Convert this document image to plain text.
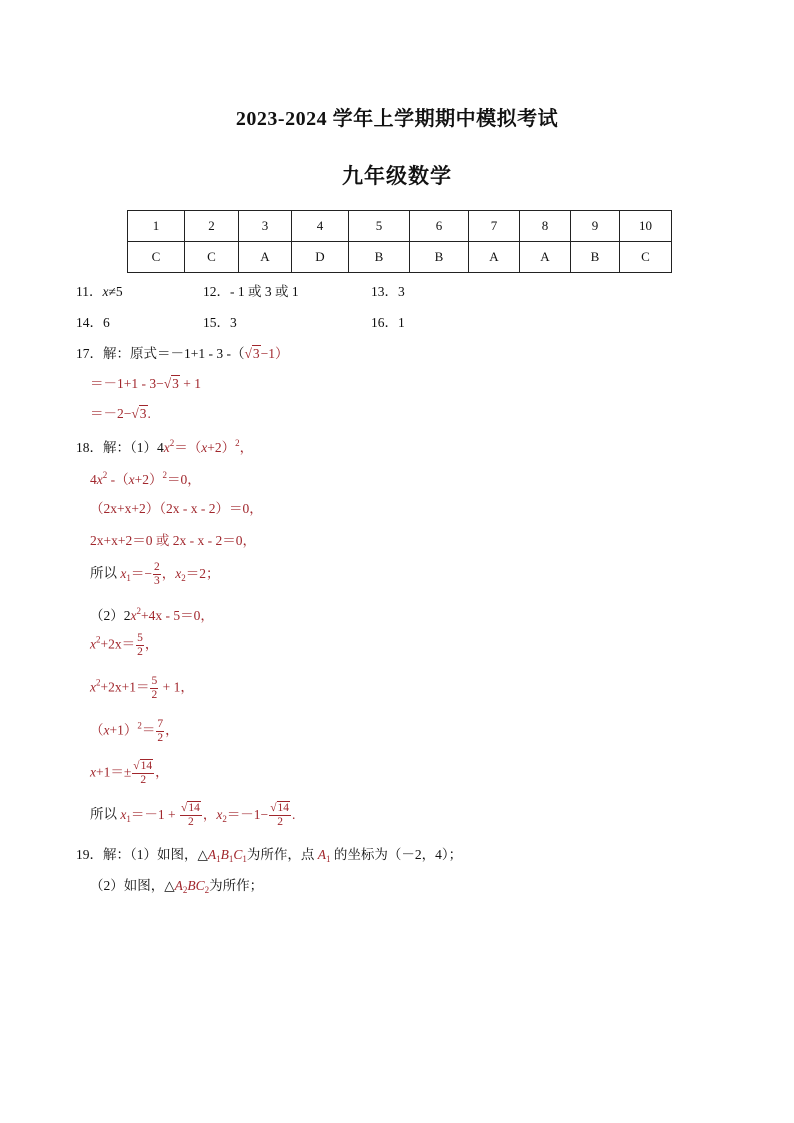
2023-2024 学年上学期期中模拟考试
九年级数学
1	2	3	4	5	6	7	8	9	10
C	C	A	D	B	B	A	A	B	C
11．x≠5	12．- 1 或 3 或 1	13．3
14．6	15．3	16．1
17．解：原式＝－1+1 - 3 -（√3−1）
＝－1+1 - 3−√3 + 1
＝－2−√3.
18．解：$(1)4x^2=(x+2)^2$，
$4x^2$ $-(x+2)^2=0$，
（2x+x+2）（2x - x - 2）＝0，
2x+x+2＝0 或 2x - x - 2＝0，
所以 $x_1=- \frac{2}{3}$ ，$x_2=2$；
$(2)2x^2+4x - 5=0$，
$x^2+2x= \frac{5}{2}$ ，
$x^2+2x+1= \frac{5}{2} + 1$，
$(x+1)^2= \frac{7}{2}$ ，
$x+1=\pm \frac{√14}{2}$ ，
所以 $x_1=-1 + \frac{√14}{2}$ ，$x_2=-1- \frac{√14}{2}$ .
19．解：（1）如图，$\triangle A_1B_1C_1$为所作，点 $A_1$ 的坐标为（－2，4）；
（2）如图，$\triangle A_2BC_2$为所作；
